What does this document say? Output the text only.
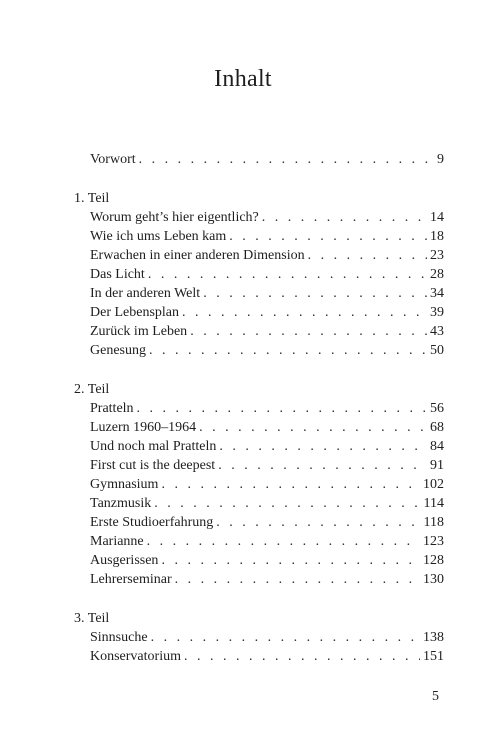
Inhalt
Vorwort . . .	9
1. Teil
Worum geht’s hier eigentlich? . . .	14
Wie ich ums Leben kam . . .	18
Erwachen in einer anderen Dimension . . .	23
Das Licht . . .	28
In der anderen Welt . . .	34
Der Lebensplan . . .	39
Zurück im Leben . . .	43
Genesung . . .	50
2. Teil
Pratteln . . .	56
Luzern 1960–1964 . . .	68
Und noch mal Pratteln . . .	84
First cut is the deepest . . .	91
Gymnasium . . .	102
Tanzmusik . . .	114
Erste Studioerfahrung . . .	118
Marianne . . .	123
Ausgerissen . . .	128
Lehrerseminar . . .	130
3. Teil
Sinnsuche . . .	138
Konservatorium . . .	151
5
